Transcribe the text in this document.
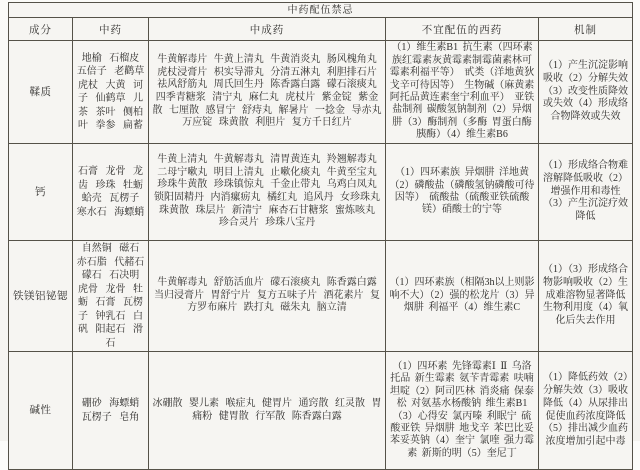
中药配伍禁忌				
成分	中药	中成药	不宜配伍的西药	机制
鞣质	地榆 石榴皮 五倍子 老鹳草 虎杖 大黄 诃子 仙鹤草 儿茶 茶叶 侧柏叶 拳参 扁蓄	牛黄解毒片 牛黄上清丸 牛黄消炎丸 肠风槐角丸 虎杖浸膏片 枳实导滞丸 分清五淋丸 利胆排石片 祛风舒筋丸 周氏回生丹 陈香露白露 礞石滚痰丸 四季青糖浆 清宁丸 麻仁丸 虎杖片 紫金锭 紫金散 七厘散 感冒宁 舒痔丸 解暑片 一捻金 导赤丸 万应锭 珠黄散 利胆片 复方千日红片	（1）维生素B1 抗生素（四环素族红霉素灰黄霉素制霉菌素林可霉素利福平等） 甙类（洋地黄狄戈辛可待因等） 生物碱（麻黄素阿托品黄连素奎宁利血平） 亚铁盐制剂 碳酸氢钠制剂（2）异烟肼（3）酶制剂（多酶 胃蛋白酶 胰酶）（4）维生素B6	（1）产生沉淀影响吸收（2）分解失效（3）改变性质降效或失效（4）形成络合物降效或失效
钙	石膏 龙骨 龙齿 珍珠 牡蛎 蛤壳 瓦楞子 寒水石 海螵蛸	牛黄上清丸 牛黄解毒丸 清胃黄连丸 羚翘解毒丸 二母宁嗽丸 明目上清丸 止嗽化痰丸 牛黄至宝丸 珍珠牛黄散 珍珠镇惊丸 千金止带丸 乌鸡白凤丸 锁阳固精丹 内消瘰疬丸 橘红丸 追风丹 女珍珠丸 珠黄散 珠层片 新清宁 麻杏石甘糖浆 蜜炼咳丸 珍合灵片 珍珠八宝丹	（1）四环素族 异烟肼 洋地黄（2）磷酸盐（磷酸氢钠磷酸可待因等） 硫酸盐（硫酸亚铁硫酸镁）硝酸士的宁等	（1）形成络合物难溶解降低吸收（2）增强作用和毒性（3）产生沉淀疗效降低
铁镁铝铋锶	自然铜 磁石 赤石脂 代赭石 礞石 石决明 虎骨 龙骨 牡蛎 石膏 瓦楞子 钟乳石 白矾 阳起石 滑石	牛黄解毒丸 舒筋活血片 礞石滚痰丸 陈香露白露 当归浸膏片 胃舒宁片 复方五味子片 酒花素片 复方罗布麻片 跌打丸 磁朱丸 脑立清	（1）四环素族（相隔3h以上则影响不大）（2）强的松龙片（3）异烟肼 利福平（4）维生素C	（1）（3）形成络合物影响吸收（2）生成难溶物显著降低生物利用度（4）氧化后失去作用
碱性	硼砂 海螵蛸 瓦楞子 皂角	冰硼散 婴儿素 喉症丸 健胃片 通窍散 红灵散 胃痛粉 健胃散 行军散 陈香露白露	（1）四环素 先锋霉素Ⅰ Ⅱ 乌洛托品 新生霉素 氨苄青霉素 呋喃坦啶（2）阿司匹林 消炎痛 保泰松 对氨基水杨酸钠 维生素B1（3）心得安 氯丙嗪 利眠宁 硫酸亚铁 异烟肼 地戈辛 苯巴比妥 苯妥英钠（4）奎宁 氯喹 强力霉素 新斯的明（5）奎尼丁	（1）降低药效（2）分解失效（3）吸收降低（4）从尿排出促使血药浓度降低（5）排出减少血药浓度增加引起中毒
